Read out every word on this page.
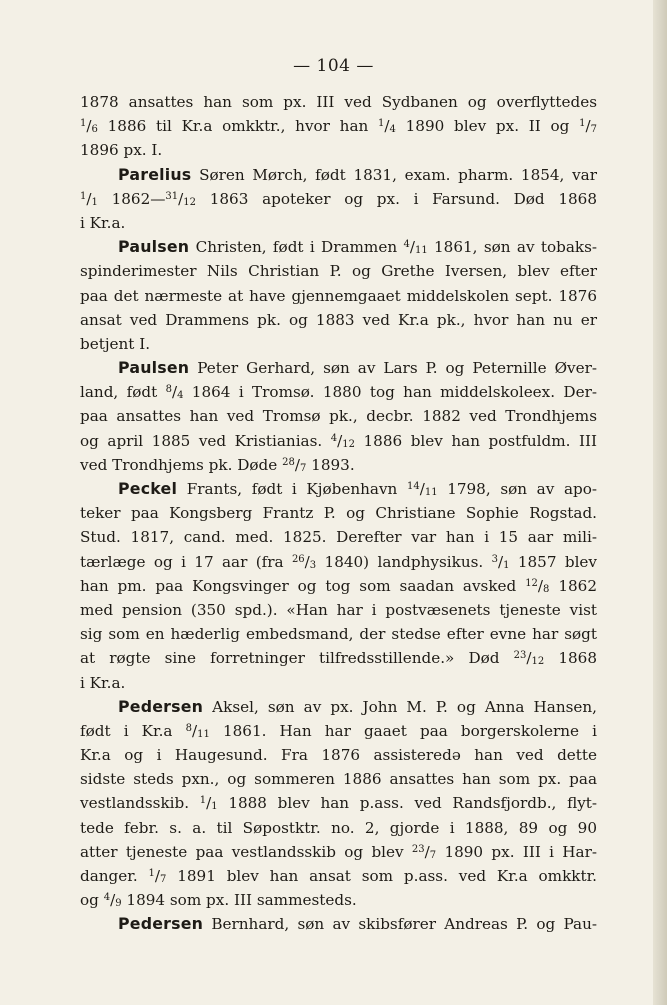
— 104 —
1878 ansattes han som px. III ved Sydbanen og overflyttedes
$^1/_6$ 1886 til Kr.a omkktr., hvor han $^1/_4$ 1890 blev px. II og $^1/_7$
1896 px. I.
Parelius Søren Mørch, født 1831, exam. pharm. 1854, var
$^1/_1$ $1862—^{31}/_{12}$ 1863 apoteker og px. i Farsund. Død 1868
i Kr.a.
Paulsen Christen, født i Drammen $^4/_{11}$ 1861, søn av tobaks-
spinderimester Nils Christian P. og Grethe Iversen, blev efter
paa det nærmeste at have gjennemgaaet middelskolen sept. 1876
ansat ved Drammens pk. og 1883 ved Kr.a pk., hvor han nu er
betjent I.
Paulsen Peter Gerhard, søn av Lars P. og Peternille Øver-
land, født $^8/_4$ 1864 i Tromsø. 1880 tog han middelskoleex. Der-
paa ansattes han ved Tromsø pk., decbr. 1882 ved Trondhjems
og april 1885 ved Kristianias. $^4/_{12}$ 1886 blev han postfuldm. III
ved Trondhjems pk. Døde $^{28}/_7$ 1893.
Peckel Frants, født i Kjøbenhavn $^{14}/_{11}$ 1798, søn av apo-
teker paa Kongsberg Frantz P. og Christiane Sophie Rogstad.
Stud. 1817, cand. med. 1825. Derefter var han i 15 aar mili-
tærlæge og i 17 aar (fra $^{26}/_3$ 1840) landphysikus. $^3/_1$ 1857 blev
han pm. paa Kongsvinger og tog som saadan avsked $^{12}/_8$ 1862
med pension (350 spd.). «Han har i postvæsenets tjeneste vist
sig som en hæderlig embedsmand, der stedse efter evne har søgt
at røgte sine forretninger tilfredsstillende.» Død $^{23}/_{12}$ 1868
i Kr.a.
Pedersen Aksel, søn av px. John M. P. og Anna Hansen,
født i Kr.a $^8/_{11}$ 1861. Han har gaaet paa borgerskolerne i
Kr.a og i Haugesund. Fra 1876 assisteredə han ved dette
sidste steds pxn., og sommeren 1886 ansattes han som px. paa
vestlandsskib. $^1/_1$ 1888 blev han p.ass. ved Randsfjordb., flyt-
tede febr. s. a. til Søpostktr. no. 2, gjorde i 1888, 89 og 90
atter tjeneste paa vestlandsskib og blev $^{23}/_7$ 1890 px. III i Har-
danger. $^1/_7$ 1891 blev han ansat som p.ass. ved Kr.a omkktr.
og $^4/_9$ 1894 som px. III sammesteds.
Pedersen Bernhard, søn av skibsfører Andreas P. og Pau-
